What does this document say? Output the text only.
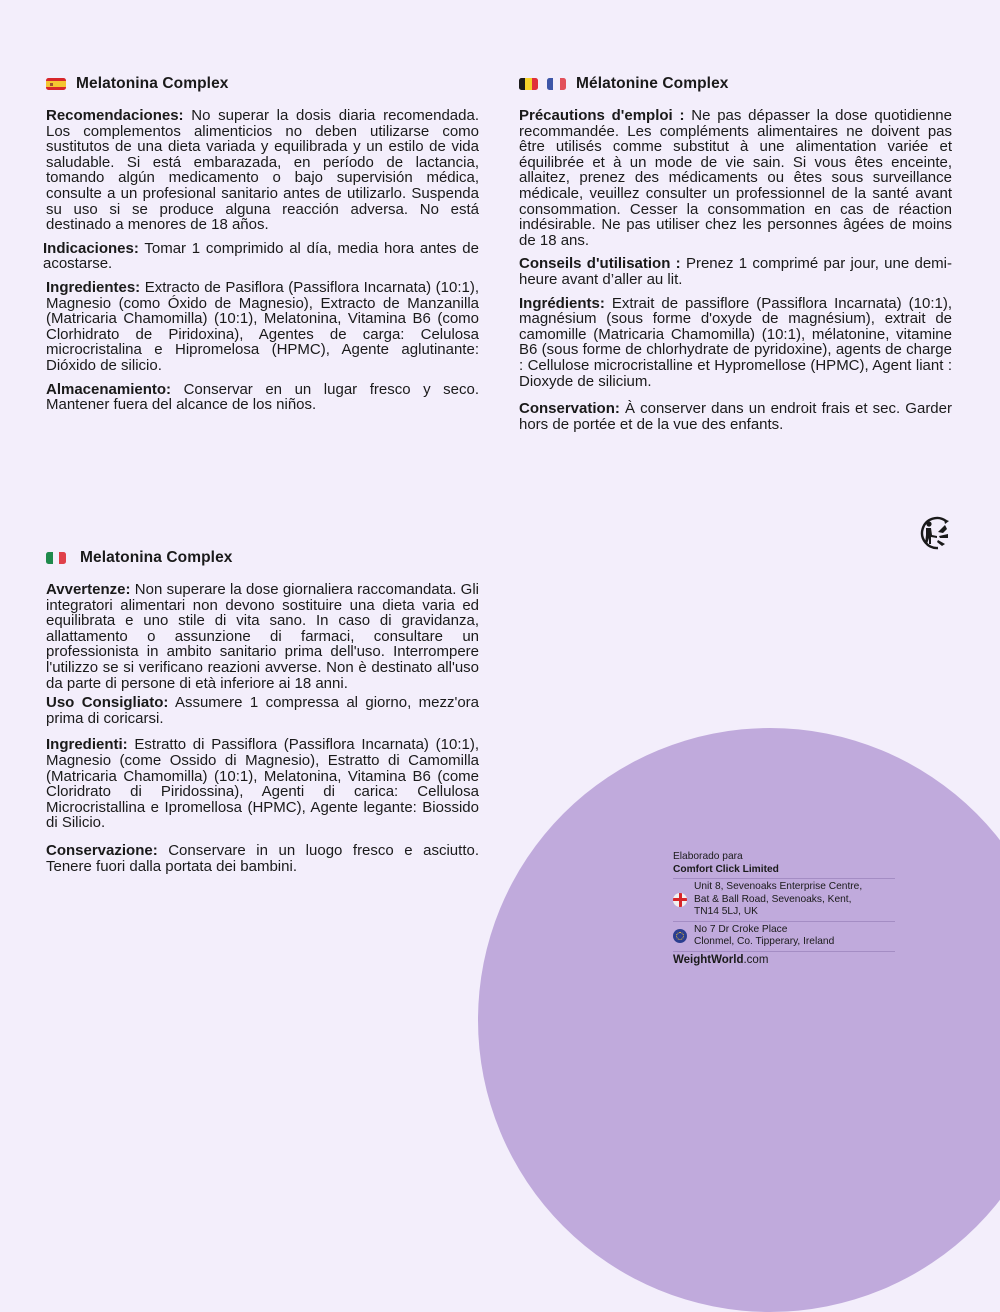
Melatonina Complex

Recomendaciones: No superar la dosis diaria recomendada. Los complementos alimenticios no deben utilizarse como sustitutos de una dieta variada y equilibrada y un estilo de vida saludable. Si está embarazada, en período de lactancia, tomando algún medicamento o bajo supervisión médica, consulte a un profesional sanitario antes de utilizarlo. Suspenda su uso si se produce alguna reacción adversa. No está destinado a menores de 18 años.

Indicaciones: Tomar 1 comprimido al día, media hora antes de acostarse.

Ingredientes: Extracto de Pasiflora (Passiflora Incarnata) (10:1), Magnesio (como Óxido de Magnesio), Extracto de Manzanilla (Matricaria Chamomilla) (10:1), Melatonina, Vitamina B6 (como Clorhidrato de Piridoxina), Agentes de carga: Celulosa microcristalina e Hipromelosa (HPMC), Agente aglutinante: Dióxido de silicio.

Almacenamiento: Conservar en un lugar fresco y seco. Mantener fuera del alcance de los niños.

Mélatonine Complex

Précautions d'emploi : Ne pas dépasser la dose quotidienne recommandée. Les compléments alimentaires ne doivent pas être utilisés comme substitut à une alimentation variée et équilibrée et à un mode de vie sain. Si vous êtes enceinte, allaitez, prenez des médicaments ou êtes sous surveillance médicale, veuillez consulter un professionnel de la santé avant consommation. Cesser la consommation en cas de réaction indésirable. Ne pas utiliser chez les personnes âgées de moins de 18 ans.

Conseils d'utilisation : Prenez 1 comprimé par jour, une demi-heure avant d’aller au lit.

Ingrédients: Extrait de passiflore (Passiflora Incarnata) (10:1), magnésium (sous forme d'oxyde de magnésium), extrait de camomille (Matricaria Chamomilla) (10:1), mélatonine, vitamine B6 (sous forme de chlorhydrate de pyridoxine), agents de charge : Cellulose microcristalline et Hypromellose (HPMC), Agent liant : Dioxyde de silicium.

Conservation: À conserver dans un endroit frais et sec. Garder hors de portée et de la vue des enfants.

Melatonina Complex

Avvertenze: Non superare la dose giornaliera raccomandata. Gli integratori alimentari non devono sostituire una dieta varia ed equilibrata e uno stile di vita sano. In caso di gravidanza, allattamento o assunzione di farmaci, consultare un professionista in ambito sanitario prima dell'uso. Interrompere l'utilizzo se si verificano reazioni avverse. Non è destinato all'uso da parte di persone di età inferiore ai 18 anni.

Uso Consigliato: Assumere 1 compressa al giorno, mezz'ora prima di coricarsi.

Ingredienti: Estratto di Passiflora (Passiflora Incarnata) (10:1), Magnesio (come Ossido di Magnesio), Estratto di Camomilla (Matricaria Chamomilla) (10:1), Melatonina, Vitamina B6 (come Cloridrato di Piridossina), Agenti di carica: Cellulosa Microcristallina e Ipromellosa (HPMC), Agente legante: Biossido di Silicio.

Conservazione: Conservare in un luogo fresco e asciutto. Tenere fuori dalla portata dei bambini.

Elaborado para
Comfort Click Limited
Unit 8, Sevenoaks Enterprise Centre,
Bat & Ball Road, Sevenoaks, Kent,
TN14 5LJ, UK
No 7 Dr Croke Place
Clonmel, Co. Tipperary, Ireland
WeightWorld.com
